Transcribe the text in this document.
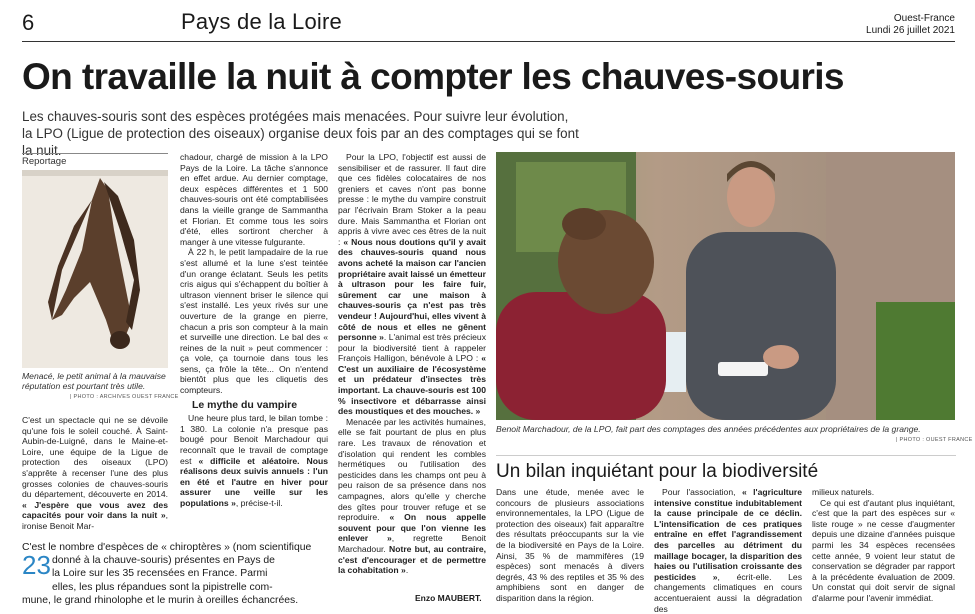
6	Pays de la Loire	Ouest-France
Lundi 26 juillet 2021
On travaille la nuit à compter les chauves-souris
Les chauves-souris sont des espèces protégées mais menacées. Pour suivre leur évolution, la LPO (Ligue de protection des oiseaux) organise deux fois par an des comptages qui se font la nuit.
Reportage
Menacé, le petit animal à la mauvaise réputation est pourtant très utile.
| PHOTO : ARCHIVES OUEST FRANCE

C'est un spectacle qui ne se dévoile qu'une fois le soleil couché. À Saint-Aubin-de-Luigné, dans le Maine-et-Loire, une équipe de la Ligue de protection des oiseaux (LPO) s'apprête à recenser l'une des plus grosses colonies de chauves-souris du département, découverte en 2014. « J'espère que vous avez des capacités pour voir dans la nuit », ironise Benoit Mar-

chadour, chargé de mission à la LPO Pays de la Loire. La tâche s'annonce en effet ardue. Au dernier comptage, deux espèces différentes et 1 500 chauves-souris ont été comptabilisées dans la vieille grange de Sammantha et Florian. Et comme tous les soirs d'été, elles sortiront chercher à manger à une vitesse fulgurante.

À 22 h, le petit lampadaire de la rue s'est allumé et la lune s'est teintée d'un orange éclatant. Seuls les petits cris aigus qui s'échappent du boîtier à ultrason viennent briser le silence qui s'est installé. Les yeux rivés sur une ouverture de la grange en pierre, chacun a pris son compteur à la main et surveille une direction. Le bal des « reines de la nuit » peut commencer : ça vole, ça tournoie dans tous les sens, ça frôle la tête... On n'entend bientôt plus que les cliquetis des compteurs.

Le mythe du vampire

Une heure plus tard, le bilan tombe : 1 380. La colonie n'a presque pas bougé pour Benoit Marchadour qui reconnaît que le travail de comptage est « difficile et aléatoire. Nous réalisons deux suivis annuels : l'un en été et l'autre en hiver pour assurer une veille sur les populations », précise-t-il.

Pour la LPO, l'objectif est aussi de sensibiliser et de rassurer. Il faut dire que ces fidèles colocataires de nos greniers et caves n'ont pas bonne presse : le mythe du vampire construit par l'écrivain Bram Stoker a la peau dure. Mais Sammantha et Florian ont appris à vivre avec ces êtres de la nuit : « Nous nous doutions qu'il y avait des chauves-souris quand nous avons acheté la maison car l'ancien propriétaire avait laissé un émetteur à ultrason pour les faire fuir, sûrement car une maison à chauves-souris ça n'est pas très vendeur ! Aujourd'hui, elles vivent à côté de nous et elles ne gênent personne ». L'animal est très précieux pour la biodiversité tient à rappeler François Halligon, bénévole à LPO : « C'est un auxiliaire de l'écosystème et un prédateur d'insectes très important. La chauve-souris est 100 % insectivore et débarrasse ainsi des moustiques et des mouches. »

Menacée par les activités humaines, elle se fait pourtant de plus en plus rare. Les travaux de rénovation et d'isolation qui rendent les combles hermétiques ou l'utilisation des pesticides dans les champs ont peu à peu raison de sa présence dans nos campagnes, alors qu'elle y cherche des gîtes pour trouver refuge et se reproduire. « On nous appelle souvent pour que l'on vienne les enlever », regrette Benoit Marchadour. Notre but, au contraire, c'est d'encourager et de permettre la cohabitation ».

Enzo MAUBERT.
Benoit Marchadour, de la LPO, fait part des comptages des années précédentes aux propriétaires de la grange.
| PHOTO : OUEST FRANCE
Un bilan inquiétant pour la biodiversité

Dans une étude, menée avec le concours de plusieurs associations environnementales, la LPO (Ligue de protection des oiseaux) fait apparaître des résultats préoccupants sur la vie de la biodiversité en Pays de la Loire. Ainsi, 35 % de mammifères (19 espèces) sont menacés à divers degrés, 43 % des reptiles et 35 % des amphibiens sont en danger de disparition dans la région.

Pour l'association, « l'agriculture intensive constitue indubitablement la cause principale de ce déclin. L'intensification de ces pratiques entraîne en effet l'agrandissement des parcelles au détriment du maillage bocager, la disparition des haies ou l'utilisation croissante des pesticides », écrit-elle. Les changements climatiques en cours accentueraient aussi la dégradation des

milieux naturels.

Ce qui est d'autant plus inquiétant, c'est que la part des espèces sur « liste rouge » ne cesse d'augmenter depuis une dizaine d'années puisque parmi les 34 espèces recensées cette année, 9 voient leur statut de conservation se dégrader par rapport à la précédente évaluation de 2009. Un constat qui doit servir de signal d'alarme pour l'avenir immédiat.

23
C'est le nombre d'espèces de « chiroptères » (nom scientifique
donné à la chauve-souris) présentes en Pays de
la Loire sur les 35 recensées en France. Parmi
elles, les plus répandues sont la pipistrelle com-
mune, le grand rhinolophe et le murin à oreilles échancrées.
